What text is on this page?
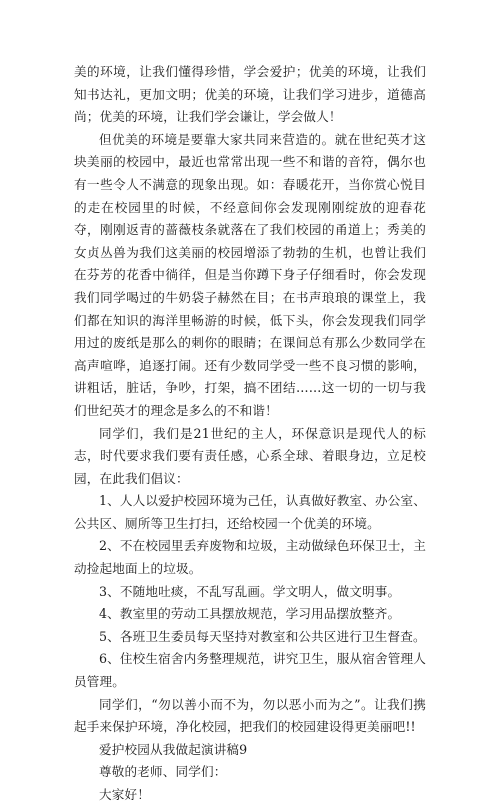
美的环境，让我们懂得珍惜，学会爱护；优美的环境，让我们知书达礼，更加文明；优美的环境，让我们学习进步，道德高尚；优美的环境，让我们学会谦让，学会做人！

但优美的环境是要靠大家共同来营造的。就在世纪英才这块美丽的校园中，最近也常常出现一些不和谐的音符，偶尔也有一些令人不满意的现象出现。如：春暖花开，当你赏心悦目的走在校园里的时候，不经意间你会发现刚刚绽放的迎春花夺，刚刚返青的蔷薇枝条就落在了我们校园的甬道上；秀美的女贞丛兽为我们这美丽的校园增添了勃勃的生机，也曾让我们在芬芳的花香中徜徉，但是当你蹲下身子仔细看时，你会发现我们同学喝过的牛奶袋子赫然在目；在书声琅琅的课堂上，我们都在知识的海洋里畅游的时候，低下头，你会发现我们同学用过的废纸是那么的刺你的眼睛；在课间总有那么少数同学在高声喧哗，追逐打闹。还有少数同学受一些不良习惯的影响，讲粗话，脏话，争吵，打架，搞不团结……这一切的一切与我们世纪英才的理念是多么的不和谐！

同学们，我们是21世纪的主人，环保意识是现代人的标志，时代要求我们要有责任感，心系全球、着眼身边，立足校园，在此我们倡议：

1、人人以爱护校园环境为己任，认真做好教室、办公室、公共区、厕所等卫生打扫，还给校园一个优美的环境。

2、不在校园里丢弃废物和垃圾，主动做绿色环保卫士，主动捡起地面上的垃圾。

3、不随地吐痰，不乱写乱画。学文明人，做文明事。

4、教室里的劳动工具摆放规范，学习用品摆放整齐。

5、各班卫生委员每天坚持对教室和公共区进行卫生督查。

6、住校生宿舍内务整理规范，讲究卫生，服从宿舍管理人员管理。

同学们，“勿以善小而不为，勿以恶小而为之”。让我们携起手来保护环境，净化校园，把我们的校园建设得更美丽吧!!

爱护校园从我做起演讲稿9

尊敬的老师、同学们：

大家好！
